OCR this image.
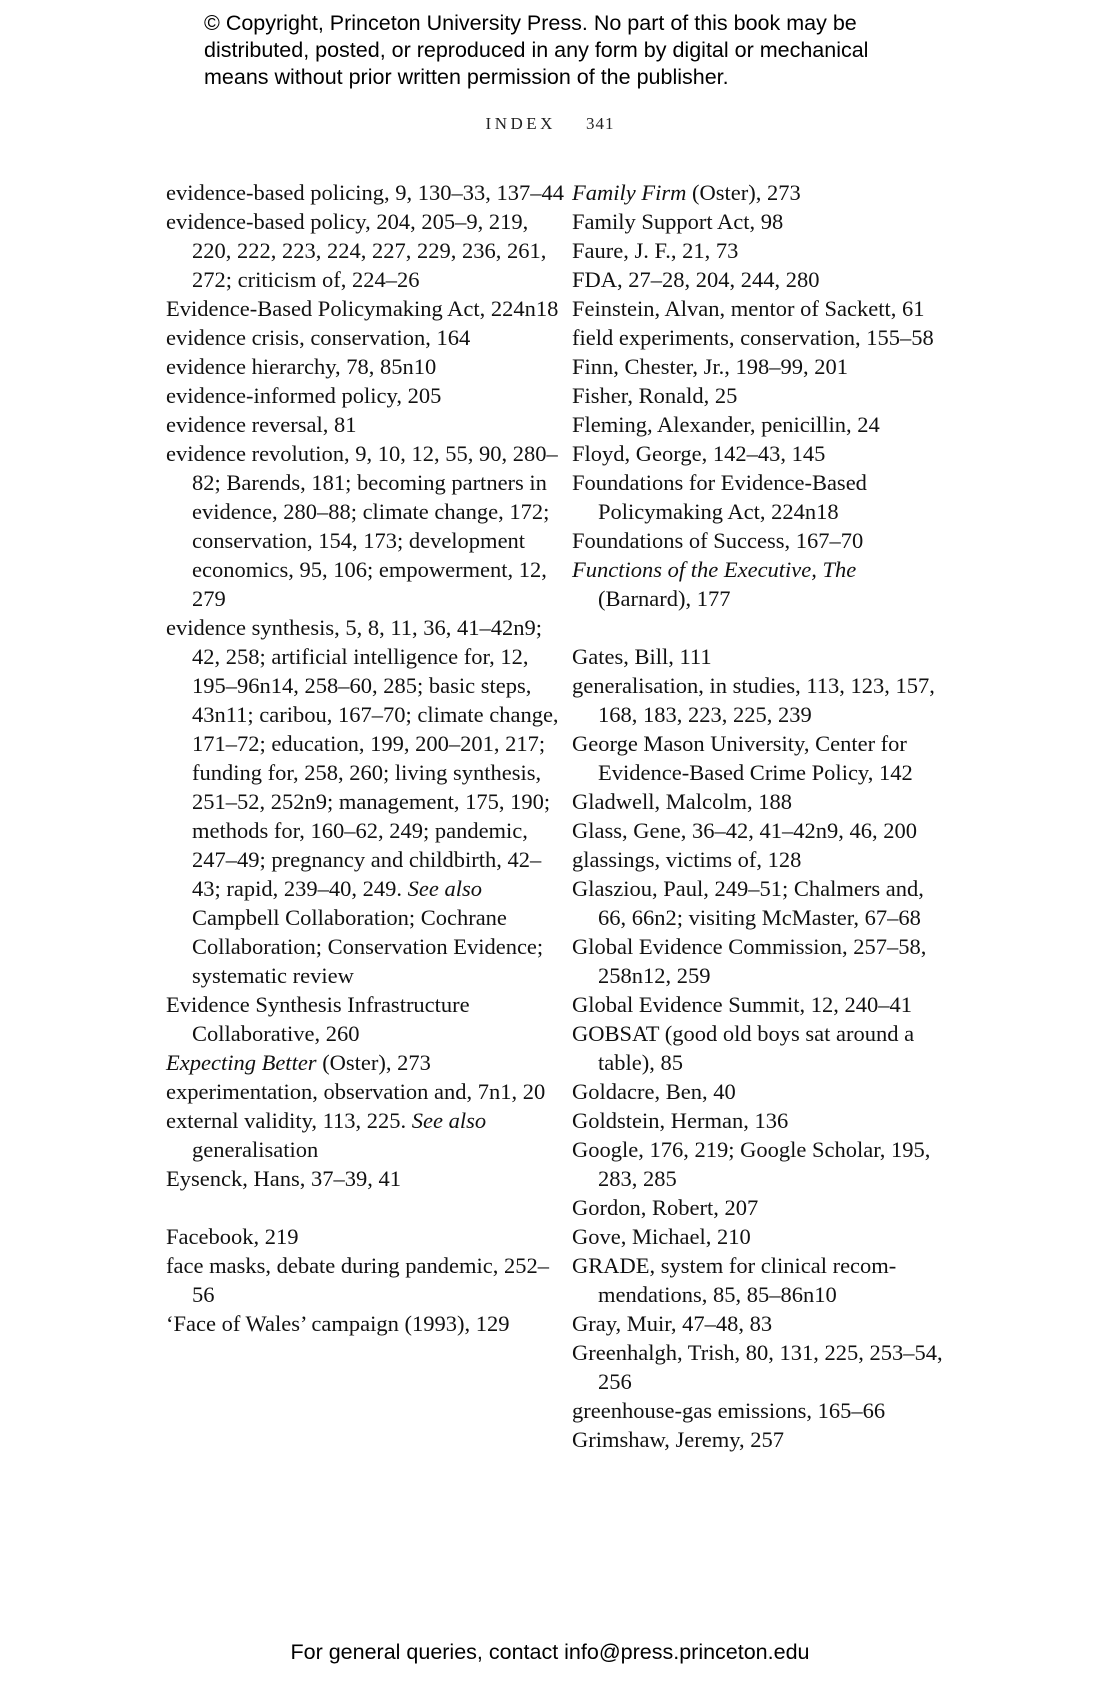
© Copyright, Princeton University Press. No part of this book may be distributed, posted, or reproduced in any form by digital or mechanical means without prior written permission of the publisher.
INDEX 341
evidence-based policing, 9, 130–33, 137–44
evidence-based policy, 204, 205–9, 219, 220, 222, 223, 224, 227, 229, 236, 261, 272; criticism of, 224–26
Evidence-Based Policymaking Act, 224n18
evidence crisis, conservation, 164
evidence hierarchy, 78, 85n10
evidence-informed policy, 205
evidence reversal, 81
evidence revolution, 9, 10, 12, 55, 90, 280–82; Barends, 181; becoming partners in evidence, 280–88; climate change, 172; conservation, 154, 173; development economics, 95, 106; empowerment, 12, 279
evidence synthesis, 5, 8, 11, 36, 41–42n9; 42, 258; artificial intelligence for, 12, 195–96n14, 258–60, 285; basic steps, 43n11; caribou, 167–70; climate change, 171–72; education, 199, 200–201, 217; funding for, 258, 260; living synthesis, 251–52, 252n9; management, 175, 190; methods for, 160–62, 249; pandemic, 247–49; pregnancy and childbirth, 42–43; rapid, 239–40, 249. See also Campbell Collaboration; Cochrane Collaboration; Conservation Evidence; systematic review
Evidence Synthesis Infrastructure Collaborative, 260
Expecting Better (Oster), 273
experimentation, observation and, 7n1, 20
external validity, 113, 225. See also generalisation
Eysenck, Hans, 37–39, 41
Facebook, 219
face masks, debate during pandemic, 252–56
‘Face of Wales’ campaign (1993), 129
Family Firm (Oster), 273
Family Support Act, 98
Faure, J. F., 21, 73
FDA, 27–28, 204, 244, 280
Feinstein, Alvan, mentor of Sackett, 61
field experiments, conservation, 155–58
Finn, Chester, Jr., 198–99, 201
Fisher, Ronald, 25
Fleming, Alexander, penicillin, 24
Floyd, George, 142–43, 145
Foundations for Evidence-Based Policymaking Act, 224n18
Foundations of Success, 167–70
Functions of the Executive, The (Barnard), 177
Gates, Bill, 111
generalisation, in studies, 113, 123, 157, 168, 183, 223, 225, 239
George Mason University, Center for Evidence-Based Crime Policy, 142
Gladwell, Malcolm, 188
Glass, Gene, 36–42, 41–42n9, 46, 200
glassings, victims of, 128
Glasziou, Paul, 249–51; Chalmers and, 66, 66n2; visiting McMaster, 67–68
Global Evidence Commission, 257–58, 258n12, 259
Global Evidence Summit, 12, 240–41
GOBSAT (good old boys sat around a table), 85
Goldacre, Ben, 40
Goldstein, Herman, 136
Google, 176, 219; Google Scholar, 195, 283, 285
Gordon, Robert, 207
Gove, Michael, 210
GRADE, system for clinical recommendations, 85, 85–86n10
Gray, Muir, 47–48, 83
Greenhalgh, Trish, 80, 131, 225, 253–54, 256
greenhouse-gas emissions, 165–66
Grimshaw, Jeremy, 257
For general queries, contact info@press.princeton.edu
